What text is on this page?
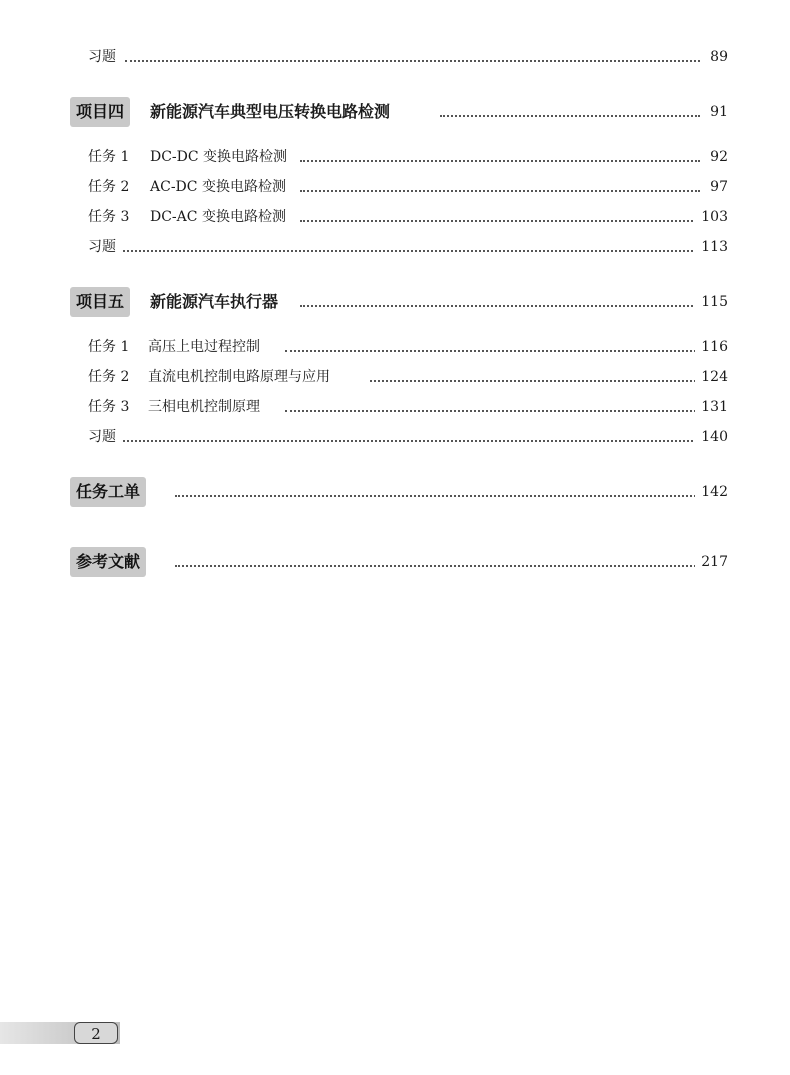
习题	89
项目四	新能源汽车典型电压转换电路检测	91
任务 1	DC-DC 变换电路检测	92
任务 2	AC-DC 变换电路检测	97
任务 3	DC-AC 变换电路检测	103
习题	113
项目五	新能源汽车执行器	115
任务 1	高压上电过程控制	116
任务 2	直流电机控制电路原理与应用	124
任务 3	三相电机控制原理	131
习题	140
任务工单	142
参考文献	217
2
